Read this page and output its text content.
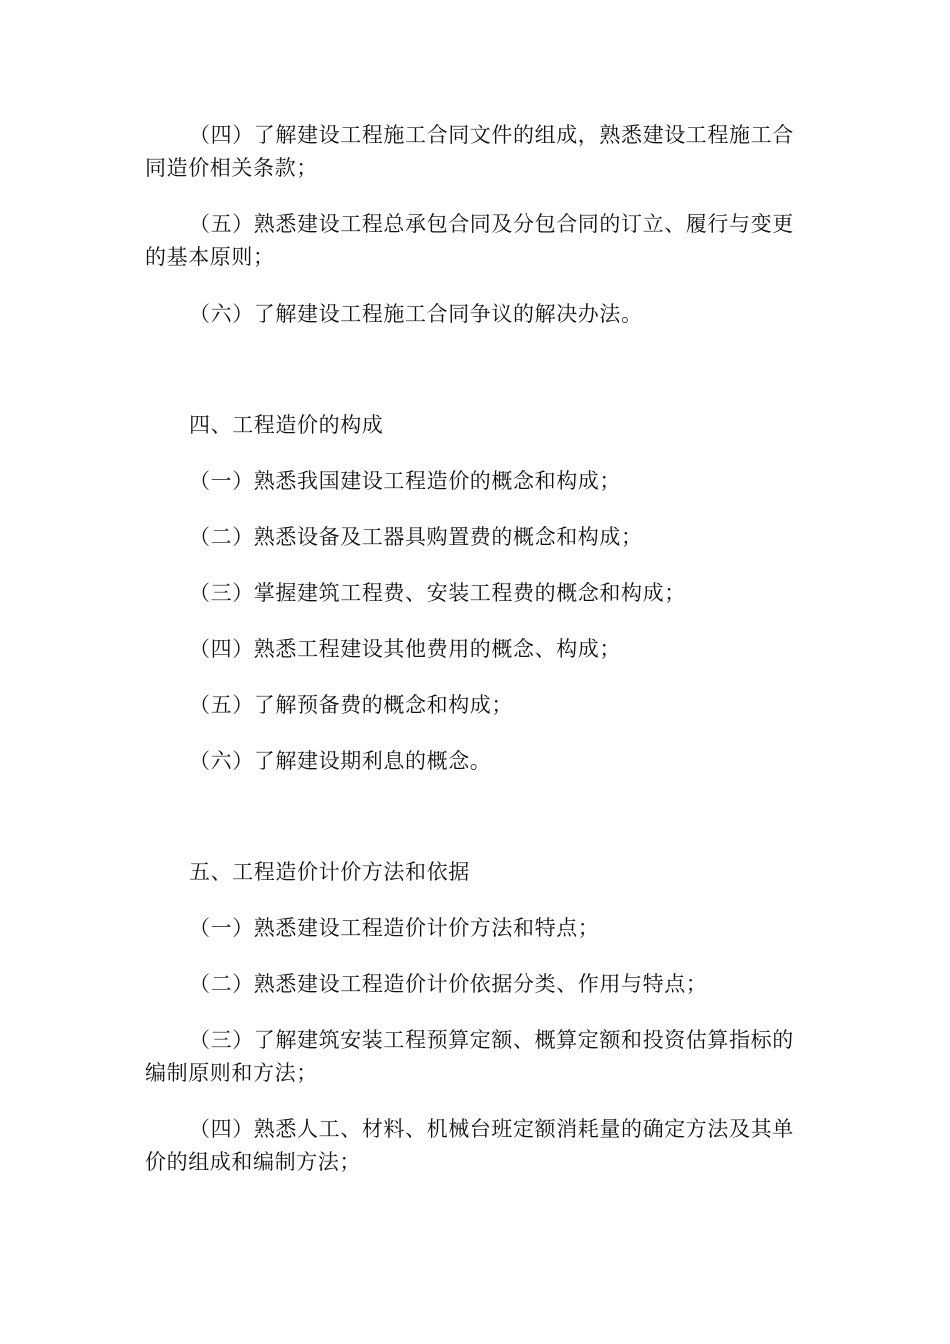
（四）了解建设工程施工合同文件的组成，熟悉建设工程施工合同造价相关条款；

（五）熟悉建设工程总承包合同及分包合同的订立、履行与变更的基本原则；

（六）了解建设工程施工合同争议的解决办法。

四、工程造价的构成

（一）熟悉我国建设工程造价的概念和构成；

（二）熟悉设备及工器具购置费的概念和构成；

（三）掌握建筑工程费、安装工程费的概念和构成；

（四）熟悉工程建设其他费用的概念、构成；

（五）了解预备费的概念和构成；

（六）了解建设期利息的概念。

五、工程造价计价方法和依据

（一）熟悉建设工程造价计价方法和特点；

（二）熟悉建设工程造价计价依据分类、作用与特点；

（三）了解建筑安装工程预算定额、概算定额和投资估算指标的编制原则和方法；

（四）熟悉人工、材料、机械台班定额消耗量的确定方法及其单价的组成和编制方法；
